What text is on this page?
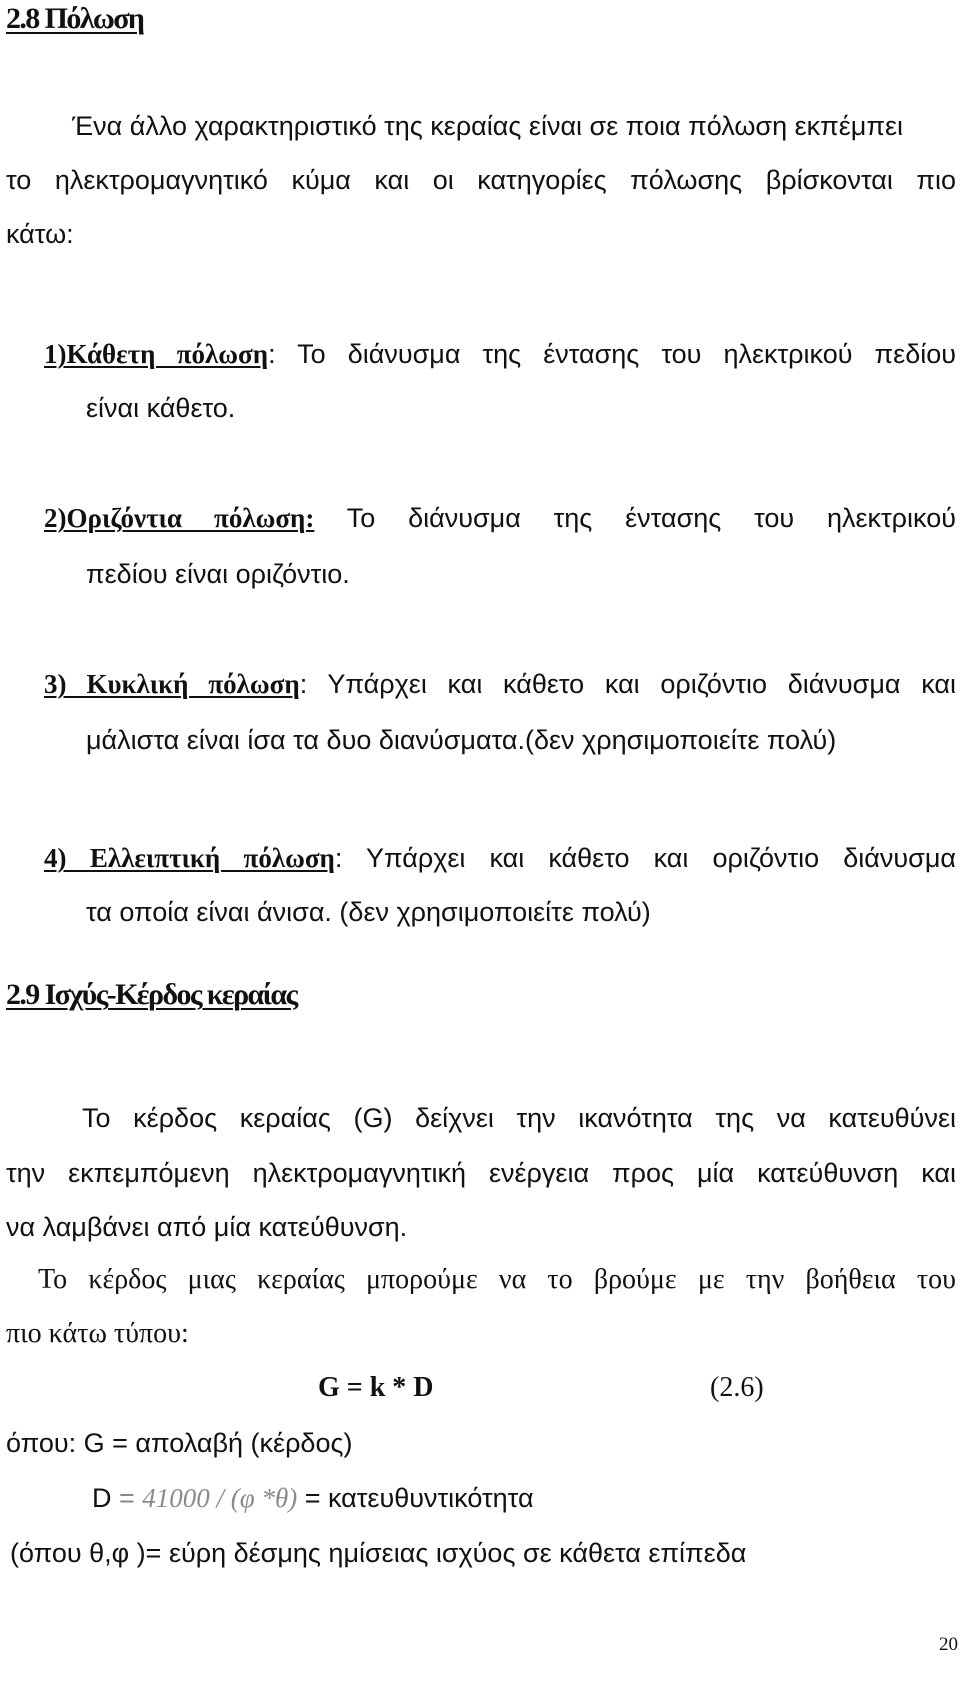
2.8 Πόλωση
Ένα άλλο χαρακτηριστικό της κεραίας είναι σε ποια πόλωση εκπέμπει
το ηλεκτρομαγνητικό κύμα και οι κατηγορίες πόλωσης βρίσκονται πιο
κάτω:
1)Κάθετη πόλωση: Το διάνυσμα της έντασης του ηλεκτρικού πεδίου
είναι κάθετο.
2)Οριζόντια πόλωση: Το διάνυσμα της έντασης του ηλεκτρικού
πεδίου είναι οριζόντιο.
3) Κυκλική πόλωση: Υπάρχει και κάθετο και οριζόντιο διάνυσμα και
μάλιστα είναι ίσα τα δυο διανύσματα.(δεν χρησιμοποιείτε πολύ)
4) Ελλειπτική πόλωση: Υπάρχει και κάθετο και οριζόντιο διάνυσμα
τα οποία είναι άνισα. (δεν χρησιμοποιείτε πολύ)
2.9 Ισχύς-Κέρδος κεραίας
Το κέρδος κεραίας (G) δείχνει την ικανότητα της να κατευθύνει
την εκπεμπόμενη ηλεκτρομαγνητική ενέργεια προς μία κατεύθυνση και
να λαμβάνει από μία κατεύθυνση.
Το κέρδος μιας κεραίας μπορούμε να το βρούμε με την βοήθεια του
πιο κάτω τύπου:
G = k * D	(2.6)
όπου: G = απολαβή (κέρδος)
D = 41000 / (φ *θ) = κατευθυντικότητα
(όπου θ,φ )= εύρη δέσμης ημίσειας ισχύος σε κάθετα επίπεδα
20
